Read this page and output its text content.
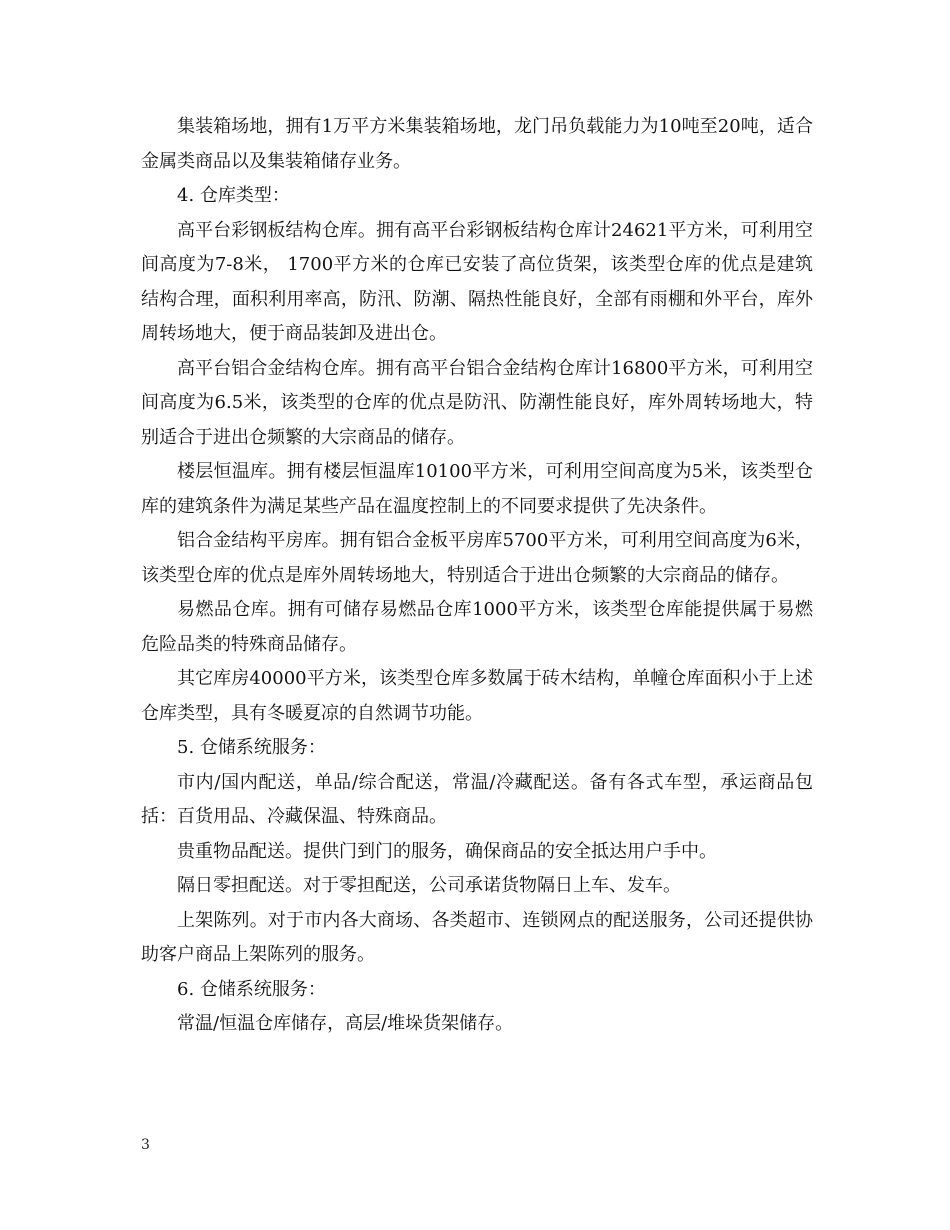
集装箱场地，拥有1万平方米集装箱场地，龙门吊负载能力为10吨至20吨，适合金属类商品以及集装箱储存业务。

4. 仓库类型：

高平台彩钢板结构仓库。拥有高平台彩钢板结构仓库计24621平方米，可利用空间高度为7-8米， 1700平方米的仓库已安装了高位货架，该类型仓库的优点是建筑结构合理，面积利用率高，防汛、防潮、隔热性能良好，全部有雨棚和外平台，库外周转场地大，便于商品装卸及进出仓。

高平台铝合金结构仓库。拥有高平台铝合金结构仓库计16800平方米，可利用空间高度为6.5米，该类型的仓库的优点是防汛、防潮性能良好，库外周转场地大，特别适合于进出仓频繁的大宗商品的储存。

楼层恒温库。拥有楼层恒温库10100平方米，可利用空间高度为5米，该类型仓库的建筑条件为满足某些产品在温度控制上的不同要求提供了先决条件。

铝合金结构平房库。拥有铝合金板平房库5700平方米，可利用空间高度为6米，该类型仓库的优点是库外周转场地大，特别适合于进出仓频繁的大宗商品的储存。

易燃品仓库。拥有可储存易燃品仓库1000平方米，该类型仓库能提供属于易燃危险品类的特殊商品储存。

其它库房40000平方米，该类型仓库多数属于砖木结构，单幢仓库面积小于上述仓库类型，具有冬暖夏凉的自然调节功能。

5. 仓储系统服务：

市内/国内配送，单品/综合配送，常温/冷藏配送。备有各式车型，承运商品包括：百货用品、冷藏保温、特殊商品。

贵重物品配送。提供门到门的服务，确保商品的安全抵达用户手中。

隔日零担配送。对于零担配送，公司承诺货物隔日上车、发车。

上架陈列。对于市内各大商场、各类超市、连锁网点的配送服务，公司还提供协助客户商品上架陈列的服务。

6. 仓储系统服务：

常温/恒温仓库储存，高层/堆垛货架储存。

3
